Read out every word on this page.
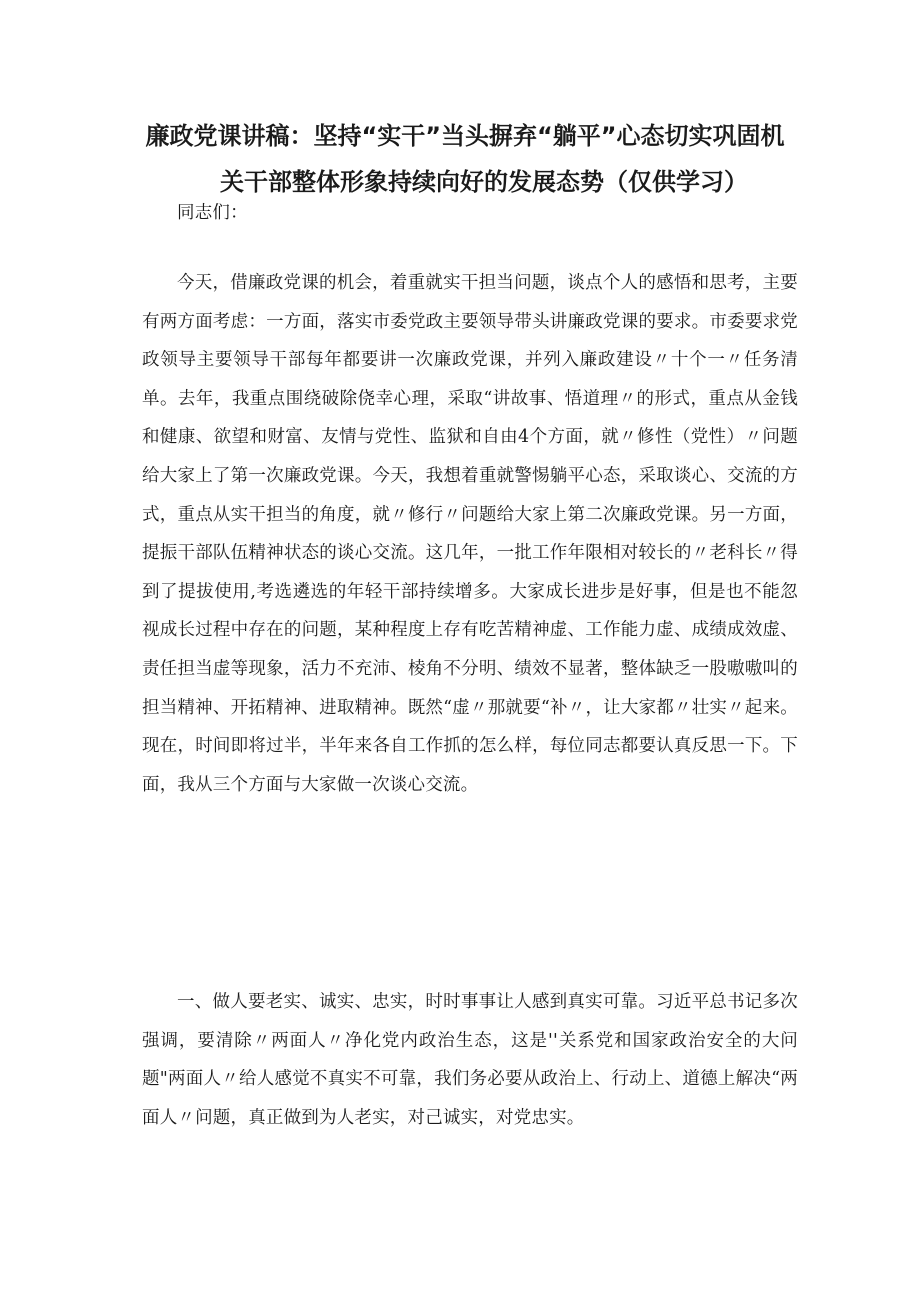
廉政党课讲稿：坚持“实干”当头摒弃“躺平”心态切实巩固机
关干部整体形象持续向好的发展态势（仅供学习）

同志们：

今天，借廉政党课的机会，着重就实干担当问题，谈点个人的感悟和思考，主要有两方面考虑：一方面，落实市委党政主要领导带头讲廉政党课的要求。市委要求党政领导主要领导干部每年都要讲一次廉政党课，并列入廉政建设〃十个一〃任务清单。去年，我重点围绕破除侥幸心理，采取“讲故事、悟道理〃的形式，重点从金钱和健康、欲望和财富、友情与党性、监狱和自由4个方面，就〃修性（党性）〃问题给大家上了第一次廉政党课。今天，我想着重就警惕躺平心态，采取谈心、交流的方式，重点从实干担当的角度，就〃修行〃问题给大家上第二次廉政党课。另一方面，提振干部队伍精神状态的谈心交流。这几年，一批工作年限相对较长的〃老科长〃得到了提拔使用,考选遴选的年轻干部持续增多。大家成长进步是好事，但是也不能忽视成长过程中存在的问题，某种程度上存有吃苦精神虚、工作能力虚、成绩成效虚、责任担当虚等现象，活力不充沛、棱角不分明、绩效不显著，整体缺乏一股嗷嗷叫的担当精神、开拓精神、进取精神。既然“虚〃那就要“补〃，让大家都〃壮实〃起来。现在，时间即将过半，半年来各自工作抓的怎么样，每位同志都要认真反思一下。下面，我从三个方面与大家做一次谈心交流。

一、做人要老实、诚实、忠实，时时事事让人感到真实可靠。习近平总书记多次强调，要清除〃两面人〃净化党内政治生态，这是''关系党和国家政治安全的大问题"两面人〃给人感觉不真实不可靠，我们务必要从政治上、行动上、道德上解决“两面人〃问题，真正做到为人老实，对己诚实，对党忠实。
